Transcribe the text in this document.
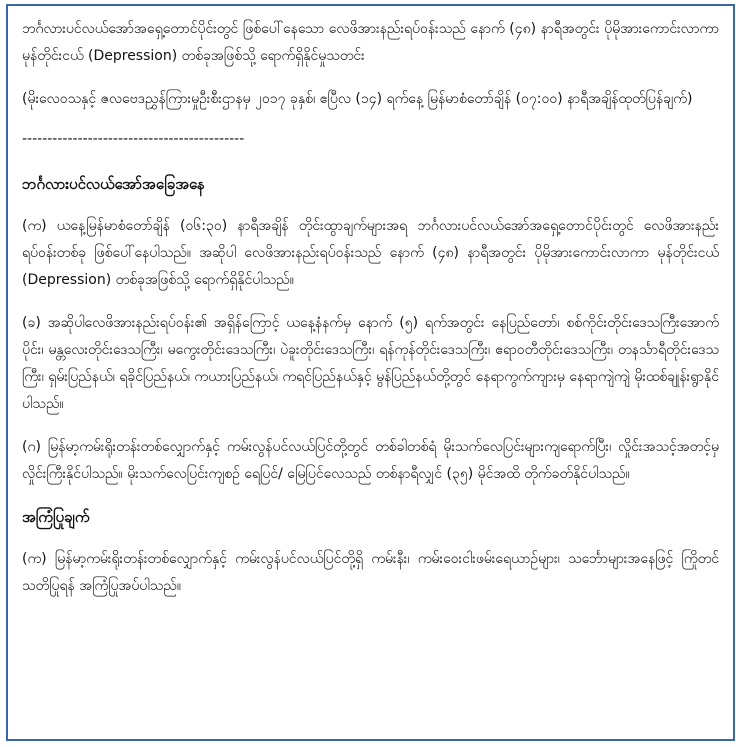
ဘင်္ဂလားပင်လယ်အော်အရှေ့တောင်ပိုင်းတွင် ဖြစ်ပေါ်နေသော လေဖိအားနည်းရပ်ဝန်းသည် နောက် (၄၈) နာရီအတွင်း ပိုမိုအားကောင်းလာကာ မုန်တိုင်းငယ် (Depression) တစ်ခုအဖြစ်သို့ ရောက်ရှိနိုင်မှုသတင်း

(မိုးလေဝသနှင့် ဇလဗေဒညွှန်ကြားမှုဦးစီးဌာနမှ ၂၀၁၇ ခုနှစ်၊ ဧပြီလ (၁၄) ရက်နေ့ မြန်မာစံတော်ချိန် (၀၇:၀၀) နာရီအချိန်ထုတ်ပြန်ချက်)

--------------------------------------------

ဘင်္ဂလားပင်လယ်အော်အခြေအနေ

(က) ယနေ့မြန်မာစံတော်ချိန် (၀၆:၃၀) နာရီအချိန် တိုင်းထွာချက်များအရ ဘင်္ဂလားပင်လယ်အော်အရှေ့တောင်ပိုင်းတွင် လေဖိအားနည်းရပ်ဝန်းတစ်ခု ဖြစ်ပေါ်နေပါသည်။ အဆိုပါ လေဖိအားနည်းရပ်ဝန်းသည် နောက် (၄၈) နာရီအတွင်း ပိုမိုအားကောင်းလာကာ မုန်တိုင်းငယ် (Depression) တစ်ခုအဖြစ်သို့ ရောက်ရှိနိုင်ပါသည်။

(ခ) အဆိုပါလေဖိအားနည်းရပ်ဝန်း၏ အရှိန်ကြောင့် ယနေ့နံနက်မှ နောက် (၅) ရက်အတွင်း နေပြည်တော်၊ စစ်ကိုင်းတိုင်းဒေသကြီးအောက်ပိုင်း၊ မန္တလေးတိုင်းဒေသကြီး၊ မကွေးတိုင်းဒေသကြီး၊ ပဲခူးတိုင်းဒေသကြီး၊ ရန်ကုန်တိုင်းဒေသကြီး၊ ဧရာဝတီတိုင်းဒေသကြီး၊ တနင်္သာရီတိုင်းဒေသကြီး၊ ရှမ်းပြည်နယ်၊ ရခိုင်ပြည်နယ်၊ ကယားပြည်နယ်၊ ကရင်ပြည်နယ်နှင့် မွန်ပြည်နယ်တို့တွင် နေရာကွက်ကျားမှ နေရာကျဲကျဲ မိုးထစ်ချုန်းရွာနိုင်ပါသည်။

(ဂ) မြန်မာ့ကမ်းရိုးတန်းတစ်လျှောက်နှင့် ကမ်းလွန်ပင်လယ်ပြင်တို့တွင် တစ်ခါတစ်ရံ မိုးသက်လေပြင်းများကျရောက်ပြီး၊ လှိုင်းအသင့်အတင့်မှ လှိုင်းကြီးနိုင်ပါသည်။ မိုးသက်လေပြင်းကျစဉ် ရေပြင်/ မြေပြင်လေသည် တစ်နာရီလျှင် (၃၅) မိုင်အထိ တိုက်ခတ်နိုင်ပါသည်။

အကြံပြုချက်

(က) မြန်မာ့ကမ်းရိုးတန်းတစ်လျှောက်နှင့် ကမ်းလွန်ပင်လယ်ပြင်တို့ရှိ ကမ်းနီး၊ ကမ်းဝေးငါးဖမ်းရေယာဉ်များ၊ သင်္ဘောများအနေဖြင့် ကြိုတင်သတိပြုရန် အကြံပြုအပ်ပါသည်။
